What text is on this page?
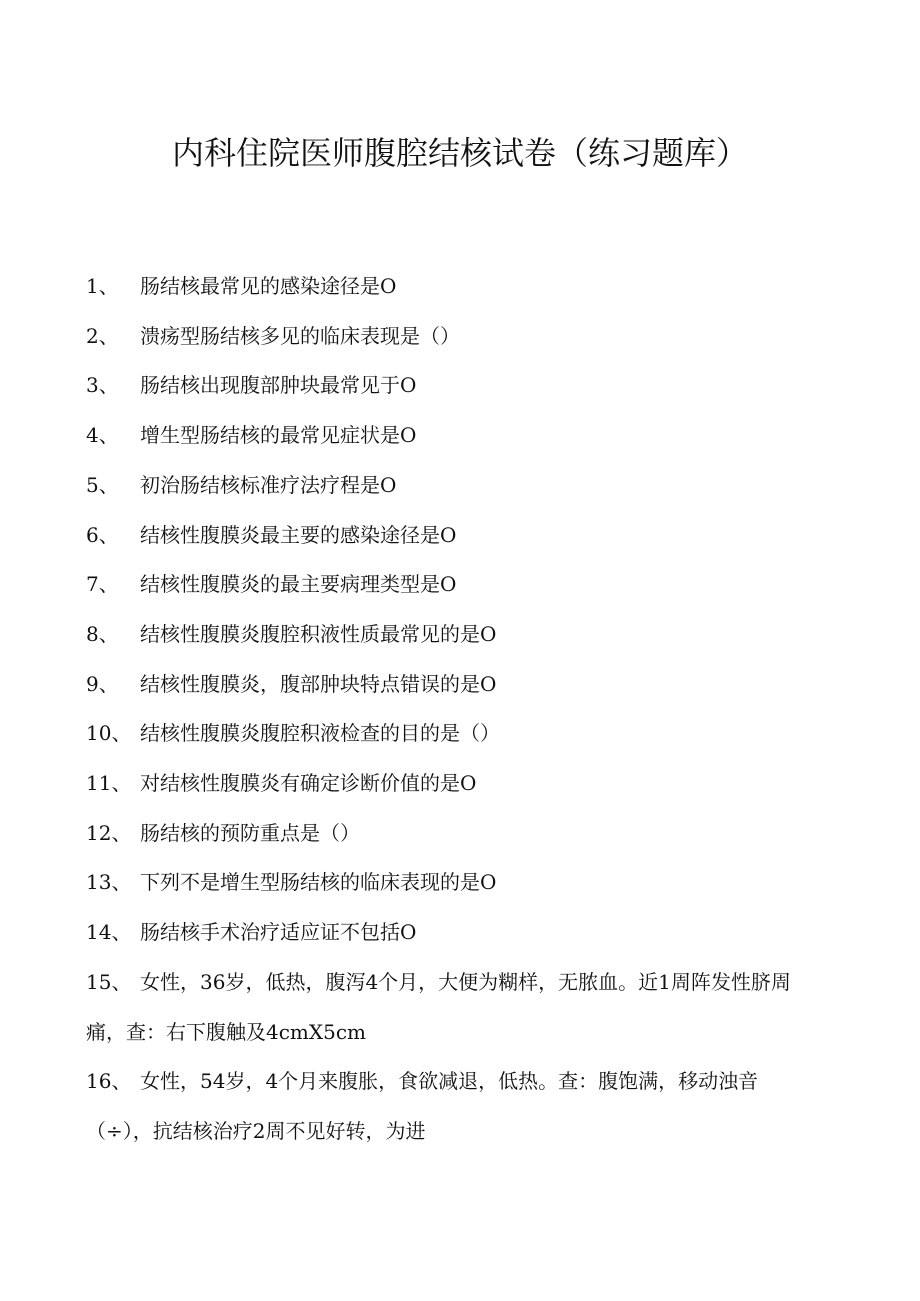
内科住院医师腹腔结核试卷（练习题库）

1、 肠结核最常见的感染途径是O

2、 溃疡型肠结核多见的临床表现是（）

3、 肠结核出现腹部肿块最常见于O

4、 增生型肠结核的最常见症状是O

5、 初治肠结核标准疗法疗程是O

6、 结核性腹膜炎最主要的感染途径是O

7、 结核性腹膜炎的最主要病理类型是O

8、 结核性腹膜炎腹腔积液性质最常见的是O

9、 结核性腹膜炎，腹部肿块特点错误的是O

10、 结核性腹膜炎腹腔积液检查的目的是（）

11、 对结核性腹膜炎有确定诊断价值的是O

12、 肠结核的预防重点是（）

13、 下列不是增生型肠结核的临床表现的是O

14、 肠结核手术治疗适应证不包括O

15、 女性，36岁，低热，腹泻4个月，大便为糊样，无脓血。近1周阵发性脐周痛，查：右下腹触及4cmX5cm

16、 女性，54岁，4个月来腹胀，食欲减退，低热。查：腹饱满，移动浊音 （÷），抗结核治疗2周不见好转，为进
